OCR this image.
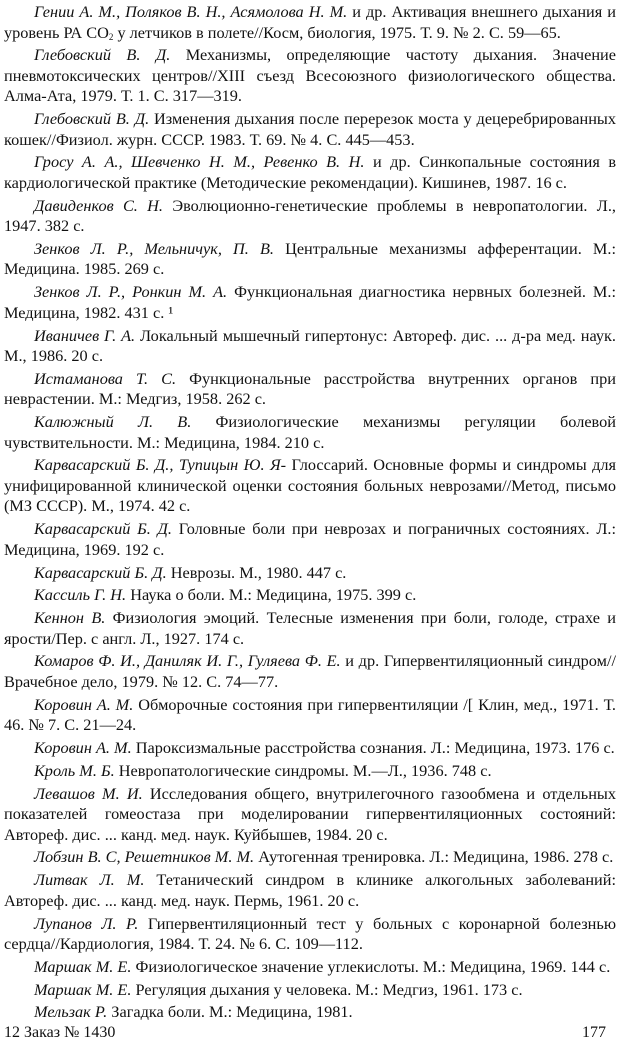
Гении А. М., Поляков В. Н., Асямолова Н. М. и др. Активация внешнего дыхания и уровень РА $СО_2$ у летчиков в полете//Косм, биология, 1975. Т. 9. № 2. С. 59—65.

Глебовский В. Д. Механизмы, определяющие частоту дыхания. Значение пневмотоксических центров//XIII съезд Всесоюзного физиологического общества. Алма-Ата, 1979. Т. 1. С. 317—319.

Глебовский В. Д. Изменения дыхания после перерезок моста у децеребрированных кошек//Физиол. журн. СССР. 1983. Т. 69. № 4. С. 445—453.

Гросу А. А., Шевченко Н. М., Ревенко В. Н. и др. Синкопальные состояния в кардиологической практике (Методические рекомендации). Кишинев, 1987. 16 с.

Давиденков С. Н. Эволюционно-генетические проблемы в невропатологии. Л., 1947. 382 с.

Зенков Л. Р., Мельничук, П. В. Центральные механизмы афферентации. М.: Медицина. 1985. 269 с.

Зенков Л. Р., Ронкин М. А. Функциональная диагностика нервных болезней. М.: Медицина, 1982. 431 с. ¹

Иваничев Г. А. Локальный мышечный гипертонус: Автореф. дис. ... д-ра мед. наук. М., 1986. 20 с.

Истаманова Т. С. Функциональные расстройства внутренних органов при неврастении. М.: Медгиз, 1958. 262 с.

Калюжный Л. В. Физиологические механизмы регуляции болевой чувствительности. М.: Медицина, 1984. 210 с.

Карвасарский Б. Д., Тупицын Ю. Я- Глоссарий. Основные формы и синдромы для унифицированной клинической оценки состояния больных неврозами//Метод, письмо (МЗ СССР). М., 1974. 42 с.

Карвасарский Б. Д. Головные боли при неврозах и пограничных состояниях. Л.: Медицина, 1969. 192 с.

Карвасарский Б. Д. Неврозы. М., 1980. 447 с.

Кассиль Г. Н. Наука о боли. М.: Медицина, 1975. 399 с.

Кеннон В. Физиология эмоций. Телесные изменения при боли, голоде, страхе и ярости/Пер. с англ. Л., 1927. 174 с.

Комаров Ф. И., Даниляк И. Г., Гуляева Ф. Е. и др. Гипервентиляционный синдром//Врачебное дело, 1979. № 12. С. 74—77.

Коровин А. М. Обморочные состояния при гипервентиляции /[ Клин, мед., 1971. Т. 46. № 7. С. 21—24.

Коровин А. М. Пароксизмальные расстройства сознания. Л.: Медицина, 1973. 176 с.

Кроль М. Б. Невропатологические синдромы. М.—Л., 1936. 748 с.

Левашов М. И. Исследования общего, внутрилегочного газообмена и отдельных показателей гомеостаза при моделировании гипервентиляционных состояний: Автореф. дис. ... канд. мед. наук. Куйбышев, 1984. 20 с.

Лобзин В. С, Решетников М. М. Аутогенная тренировка. Л.: Медицина, 1986. 278 с.

Литвак Л. М. Тетанический синдром в клинике алкогольных заболеваний: Автореф. дис. ... канд. мед. наук. Пермь, 1961. 20 с.

Лупанов Л. Р. Гипервентиляционный тест у больных с коронарной болезнью сердца//Кардиология, 1984. Т. 24. № 6. С. 109—112.

Маршак М. Е. Физиологическое значение углекислоты. М.: Медицина, 1969. 144 с.

Маршак М. Е. Регуляция дыхания у человека. М.: Медгиз, 1961. 173 с.

Мельзак Р. Загадка боли. М.: Медицина, 1981.

12 Заказ № 1430	177
